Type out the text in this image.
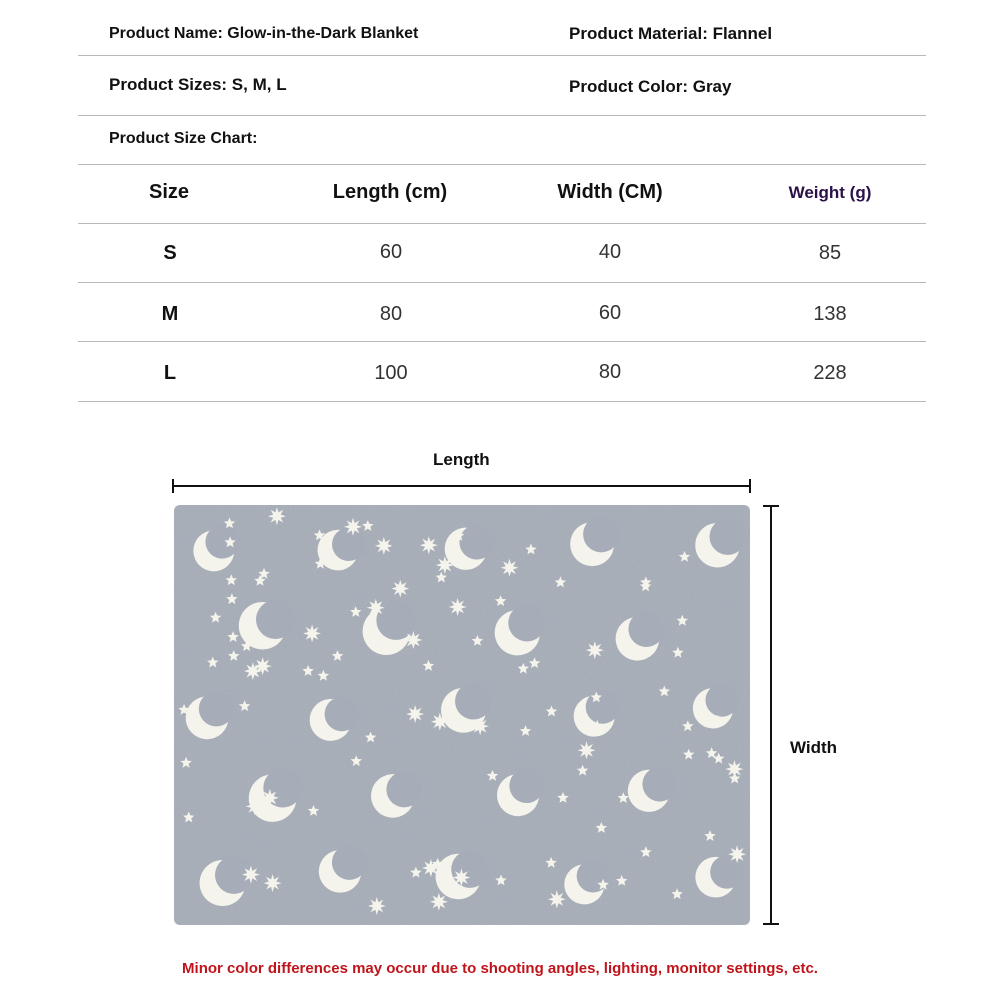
Product Name: Glow-in-the-Dark Blanket	Product Material: Flannel
Product Sizes: S, M, L	Product Color: Gray
Product Size Chart:
Size	Length (cm)	Width (CM)	Weight (g)
S	60	40	85
M	80	60	138
L	100	80	228
Length
Width
Minor color differences may occur due to shooting angles, lighting, monitor settings, etc.
